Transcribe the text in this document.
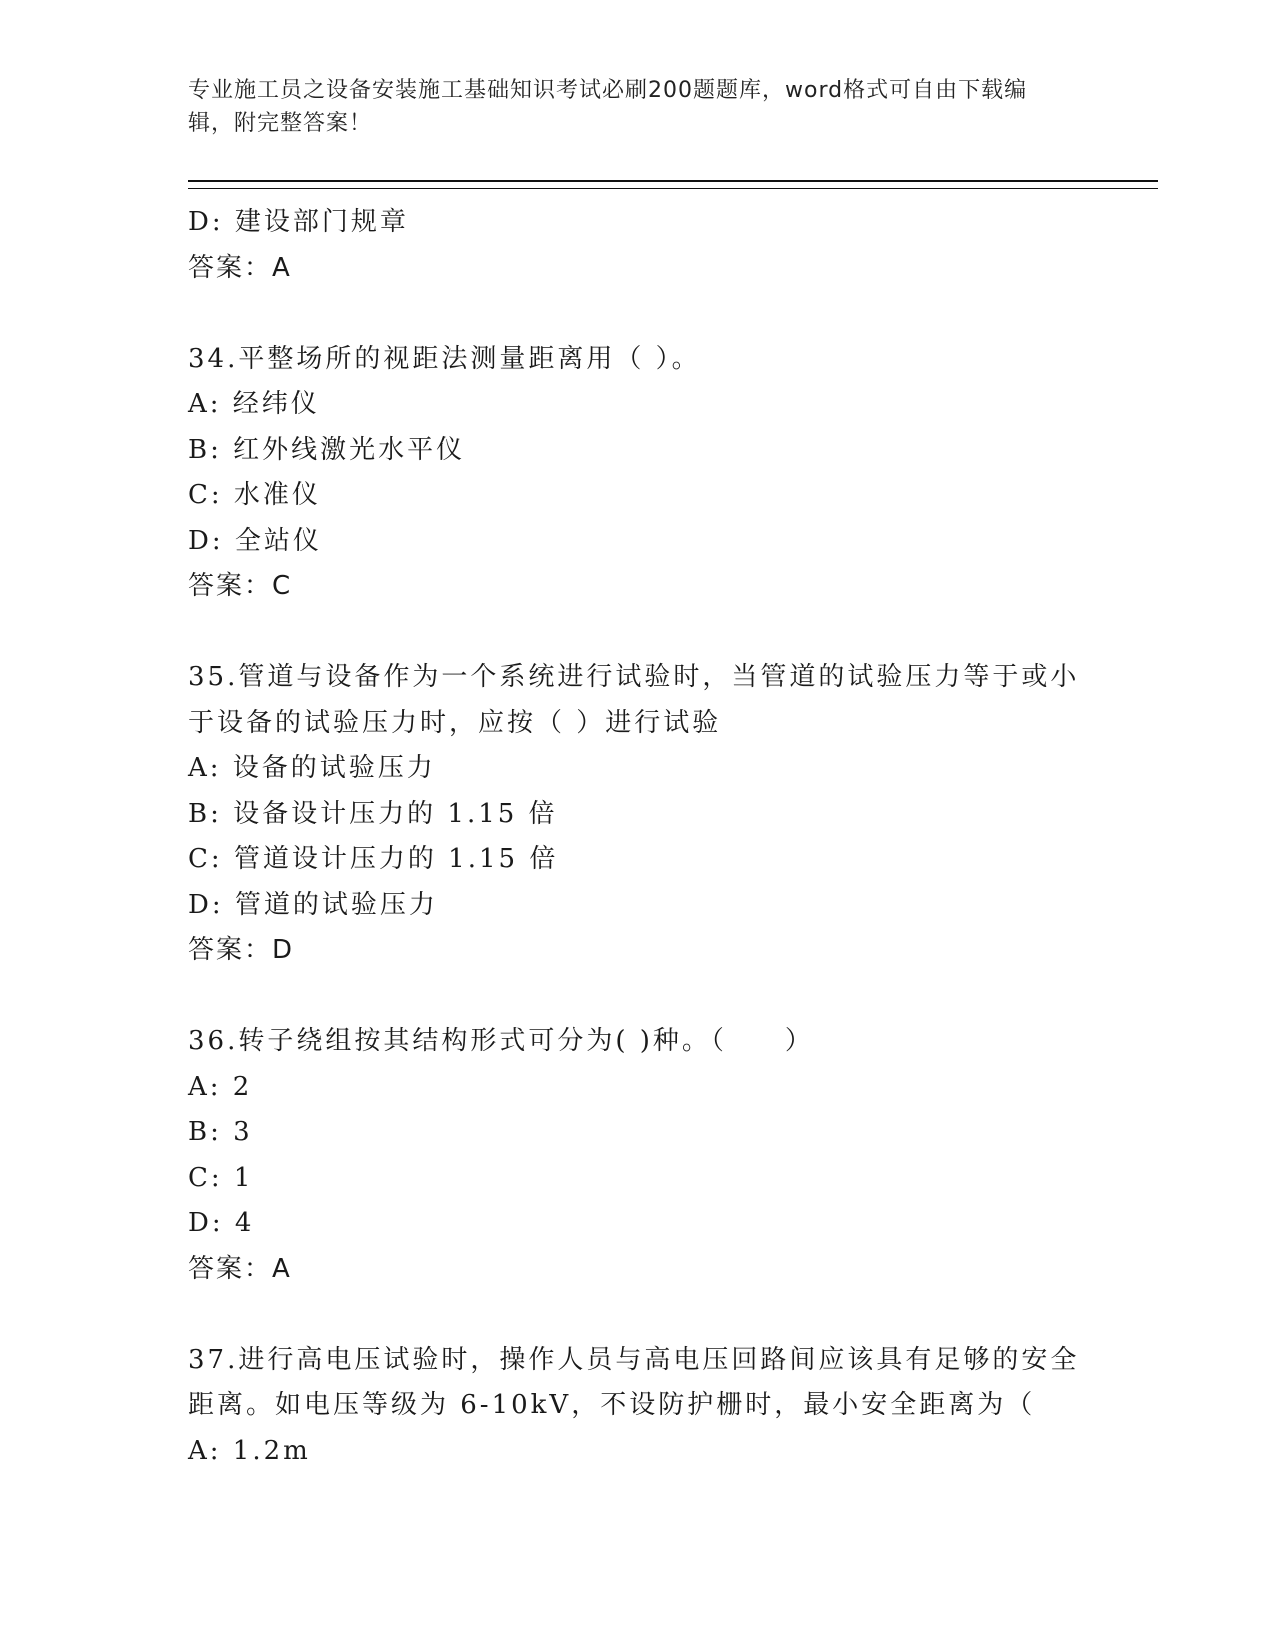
专业施工员之设备安装施工基础知识考试必刷200题题库，word格式可自由下载编辑，附完整答案！

D: 建设部门规章

答案：A

34.平整场所的视距法测量距离用（ ）。

A: 经纬仪

B: 红外线激光水平仪

C: 水准仪

D: 全站仪

答案：C

35.管道与设备作为一个系统进行试验时，当管道的试验压力等于或小

于设备的试验压力时，应按（ ）进行试验

A: 设备的试验压力

B: 设备设计压力的 1.15 倍

C: 管道设计压力的 1.15 倍

D: 管道的试验压力

答案：D

36.转子绕组按其结构形式可分为( )种。（　　）

A: 2

B: 3

C: 1

D: 4

答案：A

37.进行高电压试验时，操作人员与高电压回路间应该具有足够的安全

距离。如电压等级为 6-10kV，不设防护栅时，最小安全距离为（

A: 1.2m
